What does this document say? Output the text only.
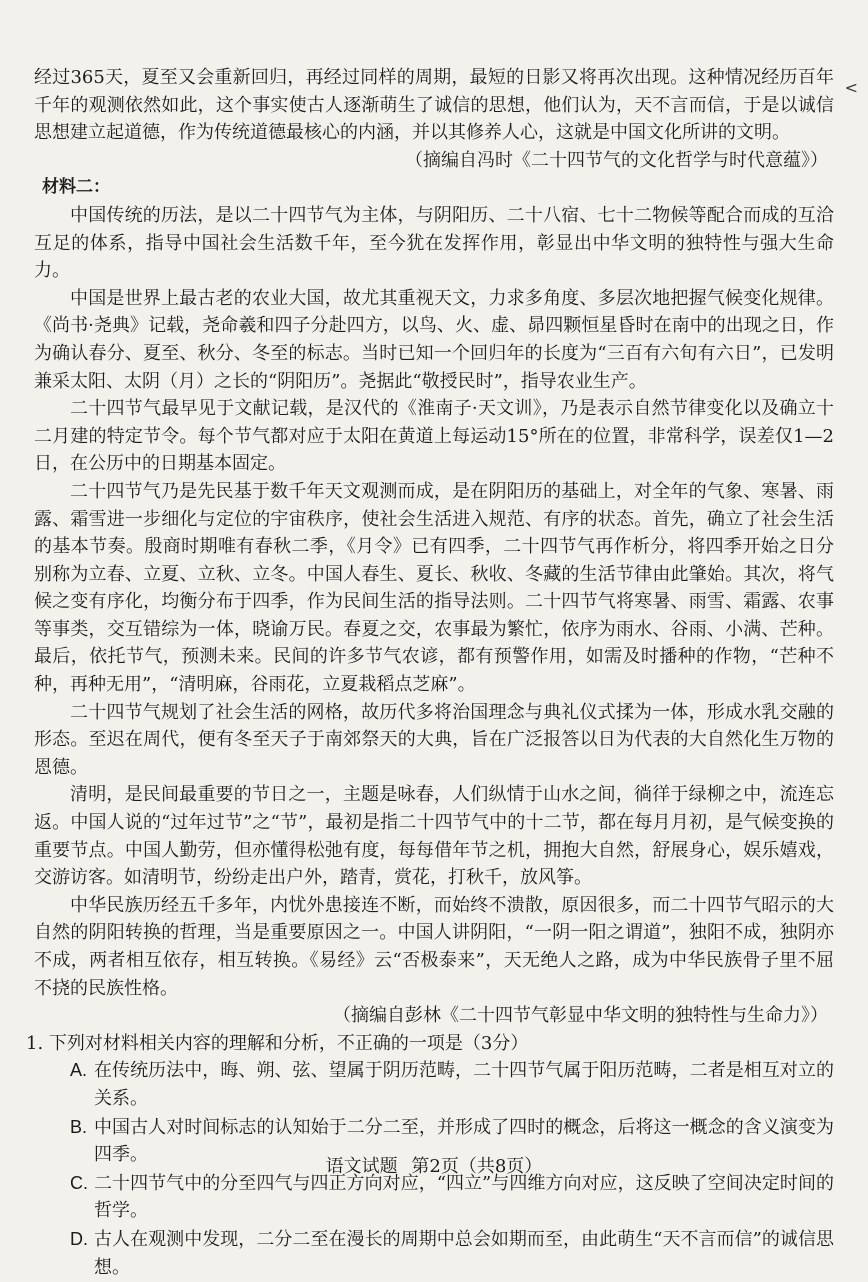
<

经过365天，夏至又会重新回归，再经过同样的周期，最短的日影又将再次出现。这种情况经历百年千年的观测依然如此，这个事实使古人逐渐萌生了诚信的思想，他们认为，天不言而信，于是以诚信思想建立起道德，作为传统道德最核心的内涵，并以其修养人心，这就是中国文化所讲的文明。

（摘编自冯时《二十四节气的文化哲学与时代意蕴》）

材料二：

中国传统的历法，是以二十四节气为主体，与阴阳历、二十八宿、七十二物候等配合而成的互洽互足的体系，指导中国社会生活数千年，至今犹在发挥作用，彰显出中华文明的独特性与强大生命力。

中国是世界上最古老的农业大国，故尤其重视天文，力求多角度、多层次地把握气候变化规律。《尚书·尧典》记载，尧命羲和四子分赴四方，以鸟、火、虚、昴四颗恒星昏时在南中的出现之日，作为确认春分、夏至、秋分、冬至的标志。当时已知一个回归年的长度为“三百有六旬有六日”，已发明兼采太阳、太阴（月）之长的“阴阳历”。尧据此“敬授民时”，指导农业生产。

二十四节气最早见于文献记载，是汉代的《淮南子·天文训》，乃是表示自然节律变化以及确立十二月建的特定节令。每个节气都对应于太阳在黄道上每运动15°所在的位置，非常科学，误差仅1—2日，在公历中的日期基本固定。

二十四节气乃是先民基于数千年天文观测而成，是在阴阳历的基础上，对全年的气象、寒暑、雨露、霜雪进一步细化与定位的宇宙秩序，使社会生活进入规范、有序的状态。首先，确立了社会生活的基本节奏。殷商时期唯有春秋二季，《月令》已有四季，二十四节气再作析分，将四季开始之日分别称为立春、立夏、立秋、立冬。中国人春生、夏长、秋收、冬藏的生活节律由此肇始。其次，将气候之变有序化，均衡分布于四季，作为民间生活的指导法则。二十四节气将寒暑、雨雪、霜露、农事等事类，交互错综为一体，晓谕万民。春夏之交，农事最为繁忙，依序为雨水、谷雨、小满、芒种。最后，依托节气，预测未来。民间的许多节气农谚，都有预警作用，如需及时播种的作物，“芒种不种，再种无用”，“清明麻，谷雨花，立夏栽稻点芝麻”。

二十四节气规划了社会生活的网格，故历代多将治国理念与典礼仪式揉为一体，形成水乳交融的形态。至迟在周代，便有冬至天子于南郊祭天的大典，旨在广泛报答以日为代表的大自然化生万物的恩德。

清明，是民间最重要的节日之一，主题是咏春，人们纵情于山水之间，徜徉于绿柳之中，流连忘返。中国人说的“过年过节”之“节”，最初是指二十四节气中的十二节，都在每月月初，是气候变换的重要节点。中国人勤劳，但亦懂得松弛有度，每每借年节之机，拥抱大自然，舒展身心，娱乐嬉戏，交游访客。如清明节，纷纷走出户外，踏青，赏花，打秋千，放风筝。

中华民族历经五千多年，内忧外患接连不断，而始终不溃散，原因很多，而二十四节气昭示的大自然的阴阳转换的哲理，当是重要原因之一。中国人讲阴阳，“一阴一阳之谓道”，独阳不成，独阴亦不成，两者相互依存，相互转换。《易经》云“否极泰来”，天无绝人之路，成为中华民族骨子里不屈不挠的民族性格。

（摘编自彭林《二十四节气彰显中华文明的独特性与生命力》）

1. 下列对材料相关内容的理解和分析，不正确的一项是（3分）

A. 在传统历法中，晦、朔、弦、望属于阴历范畴，二十四节气属于阳历范畴，二者是相互对立的关系。
B. 中国古人对时间标志的认知始于二分二至，并形成了四时的概念，后将这一概念的含义演变为四季。
C. 二十四节气中的分至四气与四正方向对应，“四立”与四维方向对应，这反映了空间决定时间的哲学。
D. 古人在观测中发现，二分二至在漫长的周期中总会如期而至，由此萌生“天不言而信”的诚信思想。
语文试题 第2页（共8页）
